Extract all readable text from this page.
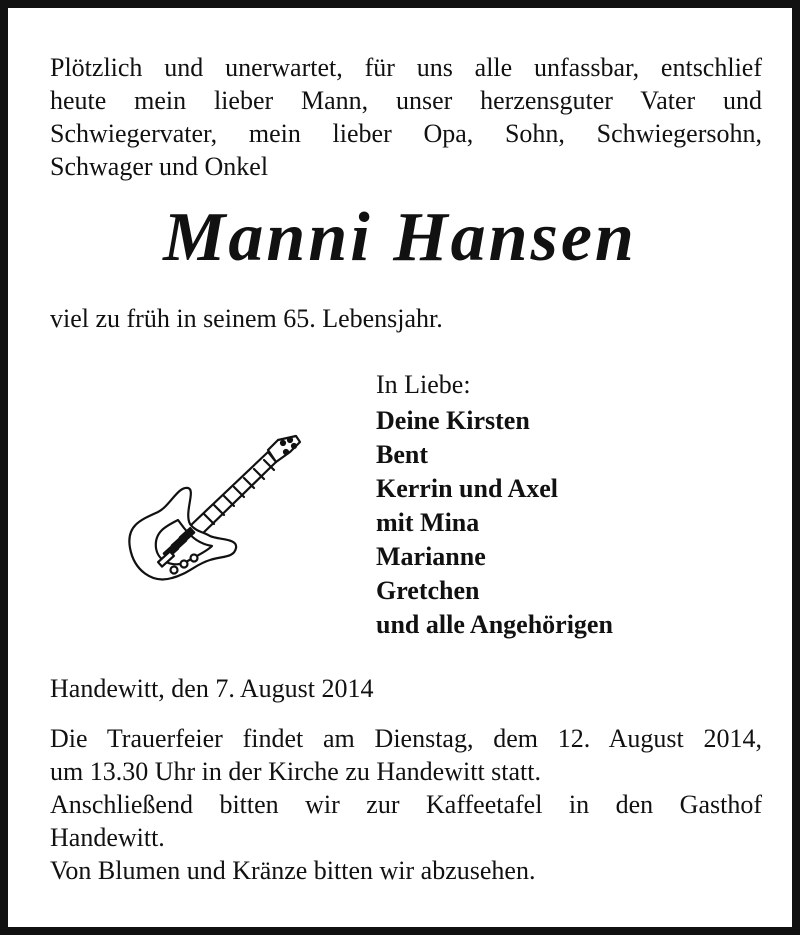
Plötzlich und unerwartet, für uns alle unfassbar, entschlief
heute mein lieber Mann, unser herzensguter Vater und
Schwiegervater, mein lieber Opa, Sohn, Schwiegersohn,
Schwager und Onkel
Manni Hansen
viel zu früh in seinem 65. Lebensjahr.
In Liebe:
Deine Kirsten
Bent
Kerrin und Axel
mit Mina
Marianne
Gretchen
und alle Angehörigen
Handewitt, den 7. August 2014
Die Trauerfeier findet am Dienstag, dem 12. August 2014,
um 13.30 Uhr in der Kirche zu Handewitt statt.
Anschließend bitten wir zur Kaffeetafel in den Gasthof
Handewitt.
Von Blumen und Kränze bitten wir abzusehen.
